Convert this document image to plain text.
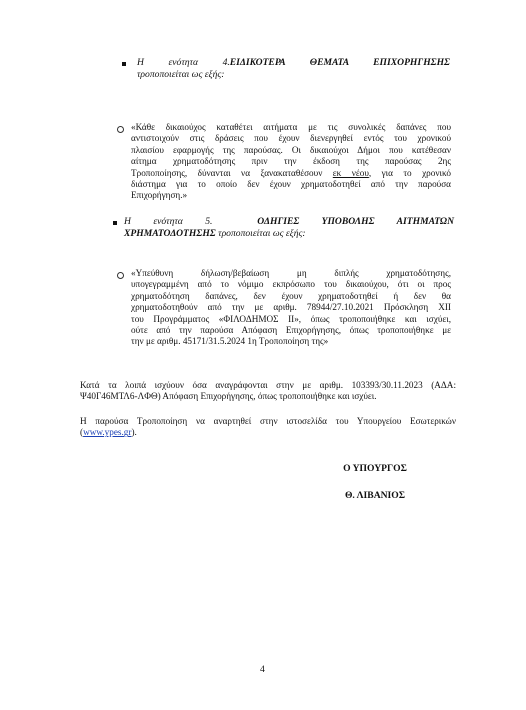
Η ενότητα 4.ΕΙΔΙΚΟΤΕΡΑ ΘΕΜΑΤΑ ΕΠΙΧΟΡΗΓΗΣΗΣ
τροποποιείται ως εξής:
«Κάθε δικαιούχος καταθέτει αιτήματα με τις συνολικές δαπάνες που
αντιστοιχούν στις δράσεις που έχουν διενεργηθεί εντός του χρονικού
πλαισίου εφαρμογής της παρούσας. Οι δικαιούχοι Δήμοι που κατέθεσαν
αίτημα χρηματοδότησης πριν την έκδοση της παρούσας 2ης
Τροποποίησης, δύνανται να ξανακαταθέσουν εκ νέου, για το χρονικό
διάστημα για το οποίο δεν έχουν χρηματοδοτηθεί από την παρούσα
Επιχορήγηση.»
Η ενότητα 5.	ΟΔΗΓΙΕΣ ΥΠΟΒΟΛΗΣ ΑΙΤΗΜΑΤΩΝ
ΧΡΗΜΑΤΟΔΟΤΗΣΗΣ τροποποιείται ως εξής:
«Υπεύθυνη δήλωση/βεβαίωση μη διπλής χρηματοδότησης,
υπογεγραμμένη από το νόμιμο εκπρόσωπο του δικαιούχου, ότι οι προς
χρηματοδότηση δαπάνες, δεν έχουν χρηματοδοτηθεί ή δεν θα
χρηματοδοτηθούν από την με αριθμ. 78944/27.10.2021 Πρόσκληση XII
του Προγράμματος «ΦΙΛΟΔΗΜΟΣ ΙΙ», όπως τροποποιήθηκε και ισχύει,
ούτε από την παρούσα Απόφαση Επιχορήγησης, όπως τροποποιήθηκε με
την με αριθμ. 45171/31.5.2024 1η Τροποποίηση της»
Κατά τα λοιπά ισχύουν όσα αναγράφονται στην με αριθμ. 103393/30.11.2023 (ΑΔΑ:
Ψ40Γ46ΜΤΛ6-ΛΦΘ) Απόφαση Επιχορήγησης, όπως τροποποιήθηκε και ισχύει.
Η παρούσα Τροποποίηση να αναρτηθεί στην ιστοσελίδα του Υπουργείου Εσωτερικών
(www.ypes.gr).
Ο ΥΠΟΥΡΓΟΣ
Θ. ΛΙΒΑΝΙΟΣ
4
